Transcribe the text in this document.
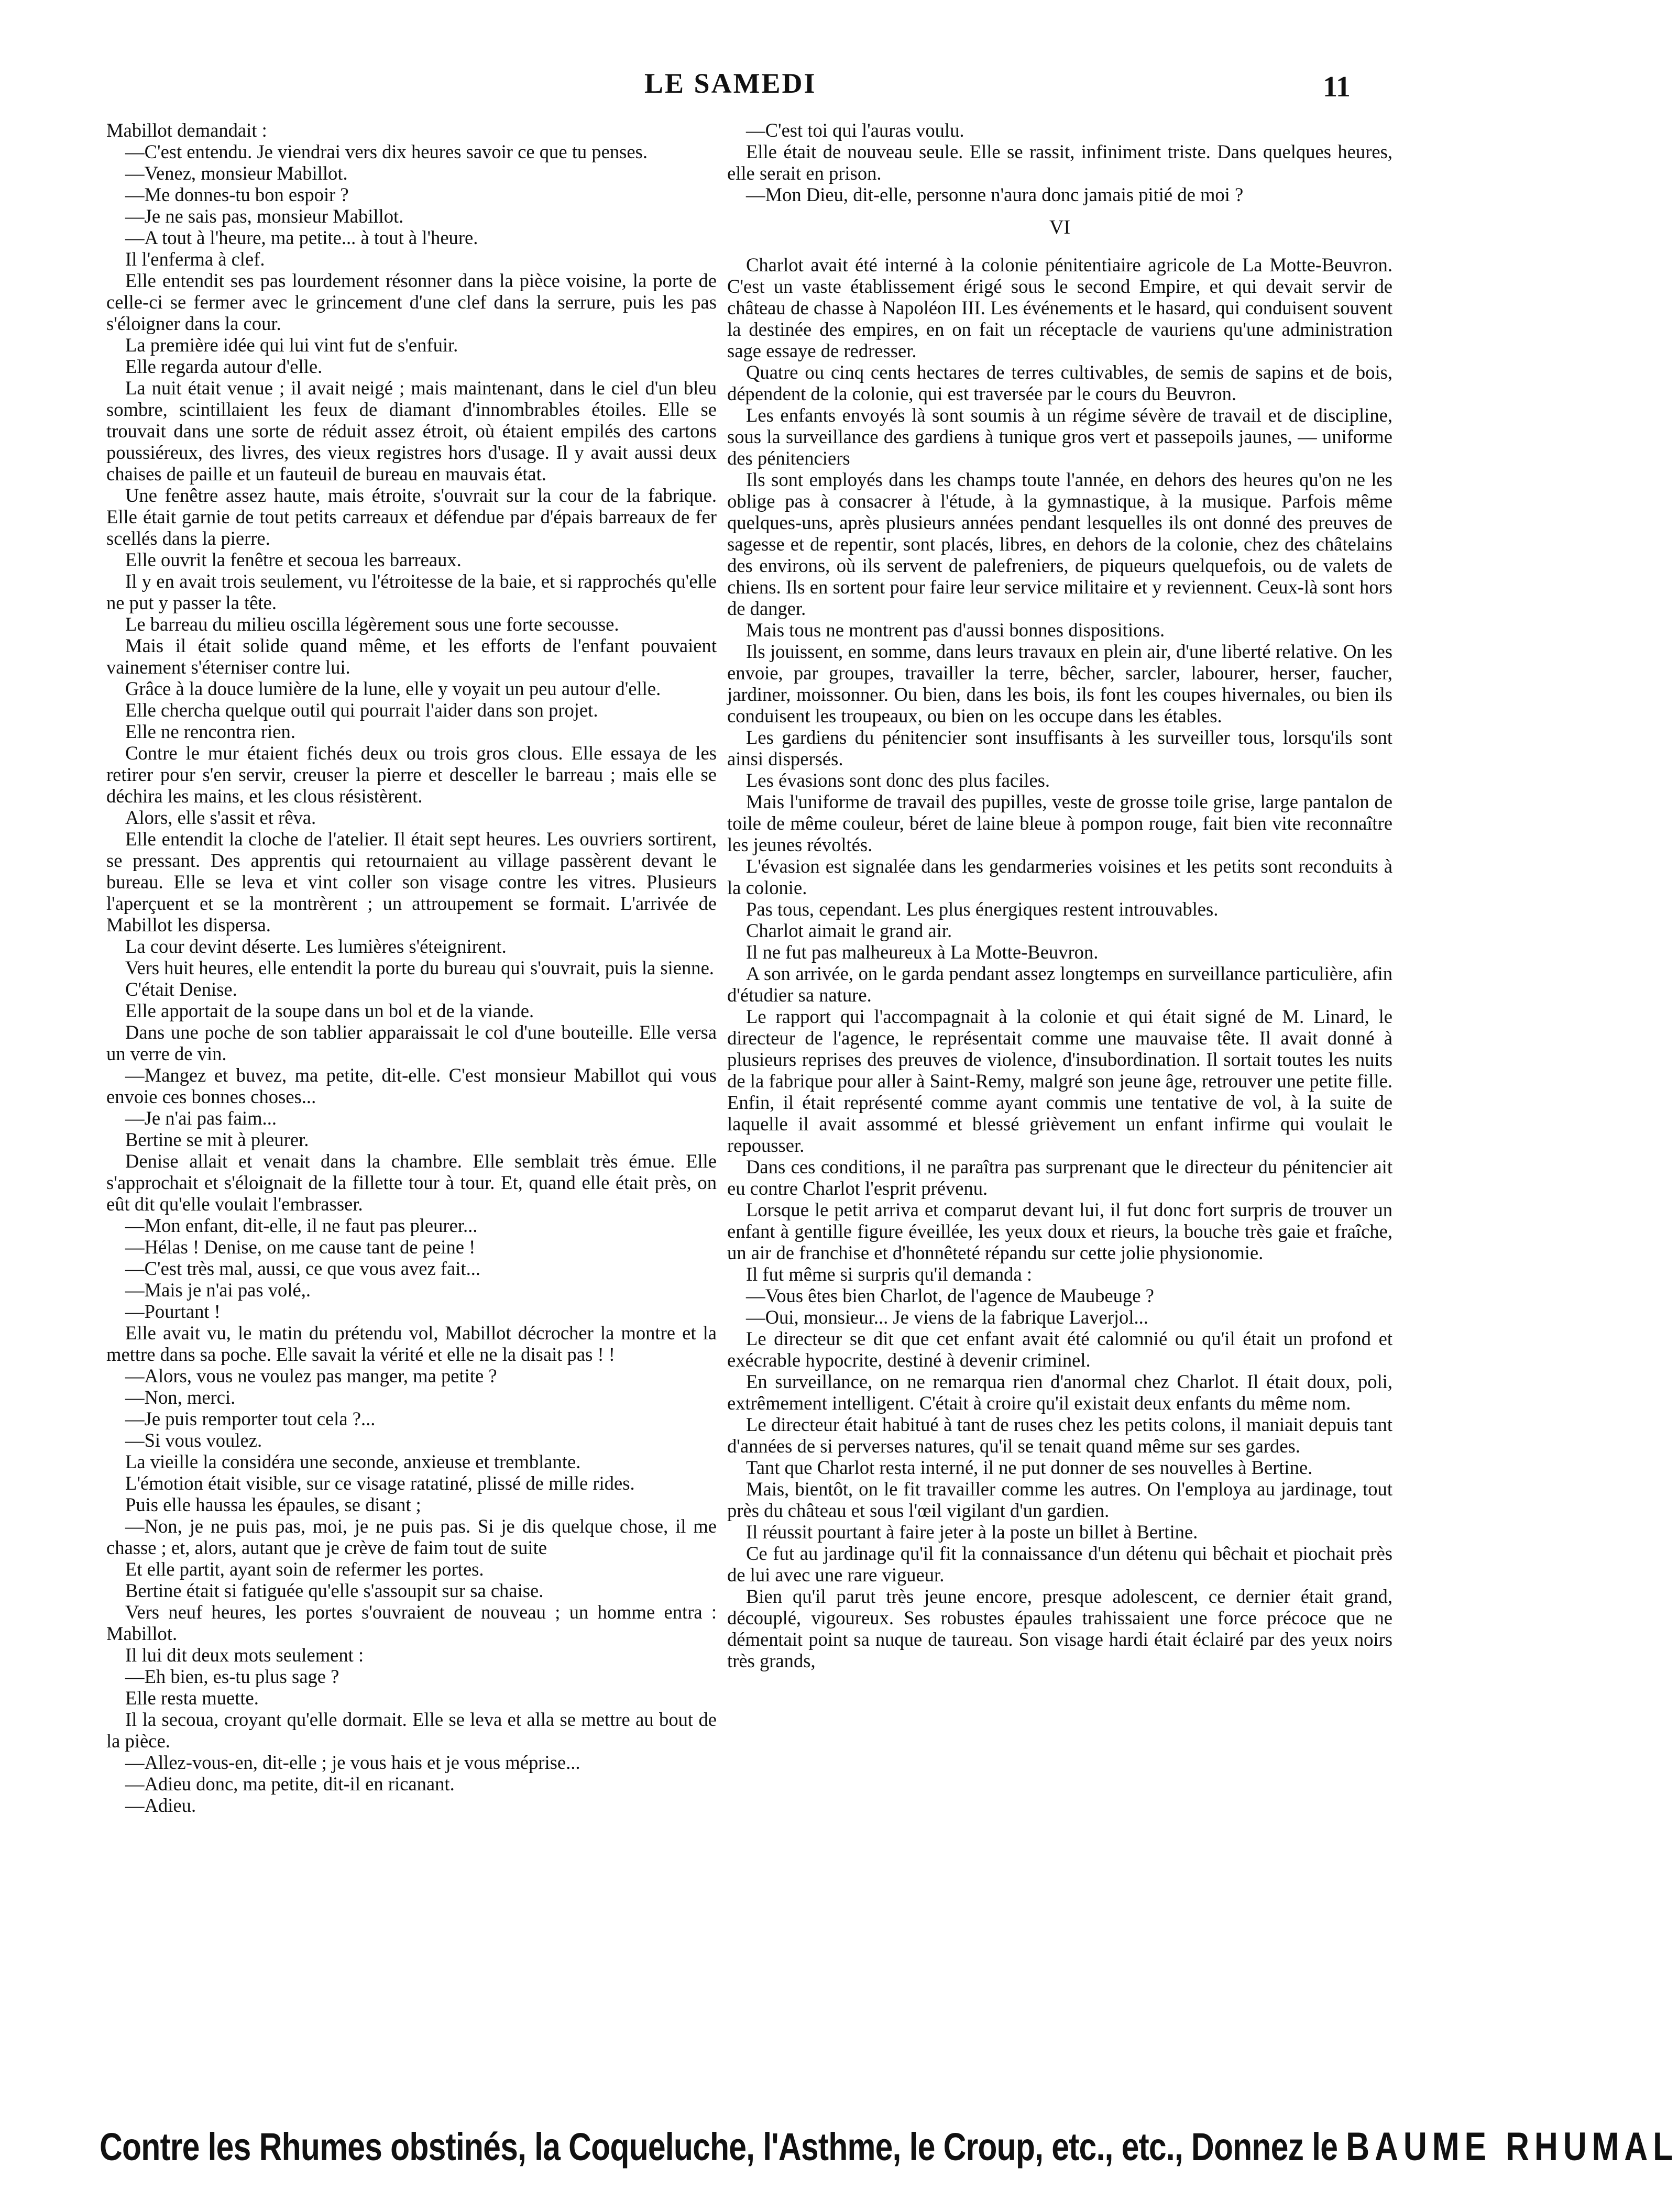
LE SAMEDI	11

Mabillot demandait :

—C'est entendu. Je viendrai vers dix heures savoir ce que tu penses.

—Venez, monsieur Mabillot.

—Me donnes-tu bon espoir ?

—Je ne sais pas, monsieur Mabillot.

—A tout à l'heure, ma petite... à tout à l'heure.

Il l'enferma à clef.

Elle entendit ses pas lourdement résonner dans la pièce voisine, la porte de celle-ci se fermer avec le grincement d'une clef dans la serrure, puis les pas s'éloigner dans la cour.

La première idée qui lui vint fut de s'enfuir.

Elle regarda autour d'elle.

La nuit était venue ; il avait neigé ; mais maintenant, dans le ciel d'un bleu sombre, scintillaient les feux de diamant d'innombrables étoiles. Elle se trouvait dans une sorte de réduit assez étroit, où étaient empilés des cartons poussiéreux, des livres, des vieux registres hors d'usage. Il y avait aussi deux chaises de paille et un fauteuil de bureau en mauvais état.

Une fenêtre assez haute, mais étroite, s'ouvrait sur la cour de la fabrique. Elle était garnie de tout petits carreaux et défendue par d'épais barreaux de fer scellés dans la pierre.

Elle ouvrit la fenêtre et secoua les barreaux.

Il y en avait trois seulement, vu l'étroitesse de la baie, et si rapprochés qu'elle ne put y passer la tête.

Le barreau du milieu oscilla légèrement sous une forte secousse.

Mais il était solide quand même, et les efforts de l'enfant pouvaient vainement s'éterniser contre lui.

Grâce à la douce lumière de la lune, elle y voyait un peu autour d'elle.

Elle chercha quelque outil qui pourrait l'aider dans son projet.

Elle ne rencontra rien.

Contre le mur étaient fichés deux ou trois gros clous. Elle essaya de les retirer pour s'en servir, creuser la pierre et desceller le barreau ; mais elle se déchira les mains, et les clous résistèrent.

Alors, elle s'assit et rêva.

Elle entendit la cloche de l'atelier. Il était sept heures. Les ouvriers sortirent, se pressant. Des apprentis qui retournaient au village passèrent devant le bureau. Elle se leva et vint coller son visage contre les vitres. Plusieurs l'aperçuent et se la montrèrent ; un attroupement se formait. L'arrivée de Mabillot les dispersa.

La cour devint déserte. Les lumières s'éteignirent.

Vers huit heures, elle entendit la porte du bureau qui s'ouvrait, puis la sienne.

C'était Denise.

Elle apportait de la soupe dans un bol et de la viande.

Dans une poche de son tablier apparaissait le col d'une bouteille. Elle versa un verre de vin.

—Mangez et buvez, ma petite, dit-elle. C'est monsieur Mabillot qui vous envoie ces bonnes choses...

—Je n'ai pas faim...

Bertine se mit à pleurer.

Denise allait et venait dans la chambre. Elle semblait très émue. Elle s'approchait et s'éloignait de la fillette tour à tour. Et, quand elle était près, on eût dit qu'elle voulait l'embrasser.

—Mon enfant, dit-elle, il ne faut pas pleurer...

—Hélas ! Denise, on me cause tant de peine !

—C'est très mal, aussi, ce que vous avez fait...

—Mais je n'ai pas volé,.

—Pourtant !

Elle avait vu, le matin du prétendu vol, Mabillot décrocher la montre et la mettre dans sa poche. Elle savait la vérité et elle ne la disait pas ! !

—Alors, vous ne voulez pas manger, ma petite ?

—Non, merci.

—Je puis remporter tout cela ?...

—Si vous voulez.

La vieille la considéra une seconde, anxieuse et tremblante.

L'émotion était visible, sur ce visage ratatiné, plissé de mille rides.

Puis elle haussa les épaules, se disant ;

—Non, je ne puis pas, moi, je ne puis pas. Si je dis quelque chose, il me chasse ; et, alors, autant que je crève de faim tout de suite

Et elle partit, ayant soin de refermer les portes.

Bertine était si fatiguée qu'elle s'assoupit sur sa chaise.

Vers neuf heures, les portes s'ouvraient de nouveau ; un homme entra : Mabillot.

Il lui dit deux mots seulement :

—Eh bien, es-tu plus sage ?

Elle resta muette.

Il la secoua, croyant qu'elle dormait. Elle se leva et alla se mettre au bout de la pièce.

—Allez-vous-en, dit-elle ; je vous hais et je vous méprise...

—Adieu donc, ma petite, dit-il en ricanant.

—Adieu.

—C'est toi qui l'auras voulu.

Elle était de nouveau seule. Elle se rassit, infiniment triste. Dans quelques heures, elle serait en prison.

—Mon Dieu, dit-elle, personne n'aura donc jamais pitié de moi ?

VI

Charlot avait été interné à la colonie pénitentiaire agricole de La Motte-Beuvron. C'est un vaste établissement érigé sous le second Empire, et qui devait servir de château de chasse à Napoléon III. Les événements et le hasard, qui conduisent souvent la destinée des empires, en on fait un réceptacle de vauriens qu'une administration sage essaye de redresser.

Quatre ou cinq cents hectares de terres cultivables, de semis de sapins et de bois, dépendent de la colonie, qui est traversée par le cours du Beuvron.

Les enfants envoyés là sont soumis à un régime sévère de travail et de discipline, sous la surveillance des gardiens à tunique gros vert et passepoils jaunes, — uniforme des pénitenciers

Ils sont employés dans les champs toute l'année, en dehors des heures qu'on ne les oblige pas à consacrer à l'étude, à la gymnastique, à la musique. Parfois même quelques-uns, après plusieurs années pendant lesquelles ils ont donné des preuves de sagesse et de repentir, sont placés, libres, en dehors de la colonie, chez des châtelains des environs, où ils servent de palefreniers, de piqueurs quelquefois, ou de valets de chiens. Ils en sortent pour faire leur service militaire et y reviennent. Ceux-là sont hors de danger.

Mais tous ne montrent pas d'aussi bonnes dispositions.

Ils jouissent, en somme, dans leurs travaux en plein air, d'une liberté relative. On les envoie, par groupes, travailler la terre, bêcher, sarcler, labourer, herser, faucher, jardiner, moissonner. Ou bien, dans les bois, ils font les coupes hivernales, ou bien ils conduisent les troupeaux, ou bien on les occupe dans les étables.

Les gardiens du pénitencier sont insuffisants à les surveiller tous, lorsqu'ils sont ainsi dispersés.

Les évasions sont donc des plus faciles.

Mais l'uniforme de travail des pupilles, veste de grosse toile grise, large pantalon de toile de même couleur, béret de laine bleue à pompon rouge, fait bien vite reconnaître les jeunes révoltés.

L'évasion est signalée dans les gendarmeries voisines et les petits sont reconduits à la colonie.

Pas tous, cependant. Les plus énergiques restent introuvables.

Charlot aimait le grand air.

Il ne fut pas malheureux à La Motte-Beuvron.

A son arrivée, on le garda pendant assez longtemps en surveillance particulière, afin d'étudier sa nature.

Le rapport qui l'accompagnait à la colonie et qui était signé de M. Linard, le directeur de l'agence, le représentait comme une mauvaise tête. Il avait donné à plusieurs reprises des preuves de violence, d'insubordination. Il sortait toutes les nuits de la fabrique pour aller à Saint-Remy, malgré son jeune âge, retrouver une petite fille. Enfin, il était représenté comme ayant commis une tentative de vol, à la suite de laquelle il avait assommé et blessé grièvement un enfant infirme qui voulait le repousser.

Dans ces conditions, il ne paraîtra pas surprenant que le directeur du pénitencier ait eu contre Charlot l'esprit prévenu.

Lorsque le petit arriva et comparut devant lui, il fut donc fort surpris de trouver un enfant à gentille figure éveillée, les yeux doux et rieurs, la bouche très gaie et fraîche, un air de franchise et d'honnêteté répandu sur cette jolie physionomie.

Il fut même si surpris qu'il demanda :

—Vous êtes bien Charlot, de l'agence de Maubeuge ?

—Oui, monsieur... Je viens de la fabrique Laverjol...

Le directeur se dit que cet enfant avait été calomnié ou qu'il était un profond et exécrable hypocrite, destiné à devenir criminel.

En surveillance, on ne remarqua rien d'anormal chez Charlot. Il était doux, poli, extrêmement intelligent. C'était à croire qu'il existait deux enfants du même nom.

Le directeur était habitué à tant de ruses chez les petits colons, il maniait depuis tant d'années de si perverses natures, qu'il se tenait quand même sur ses gardes.

Tant que Charlot resta interné, il ne put donner de ses nouvelles à Bertine.

Mais, bientôt, on le fit travailler comme les autres. On l'employa au jardinage, tout près du château et sous l'œil vigilant d'un gardien.

Il réussit pourtant à faire jeter à la poste un billet à Bertine.

Ce fut au jardinage qu'il fit la connaissance d'un détenu qui bêchait et piochait près de lui avec une rare vigueur.

Bien qu'il parut très jeune encore, presque adolescent, ce dernier était grand, découplé, vigoureux. Ses robustes épaules trahissaient une force précoce que ne démentait point sa nuque de taureau. Son visage hardi était éclairé par des yeux noirs très grands,

Contre les Rhumes obstinés, la Coqueluche, l'Asthme, le Croup, etc., etc., Donnez le BAUME RHUMAL
